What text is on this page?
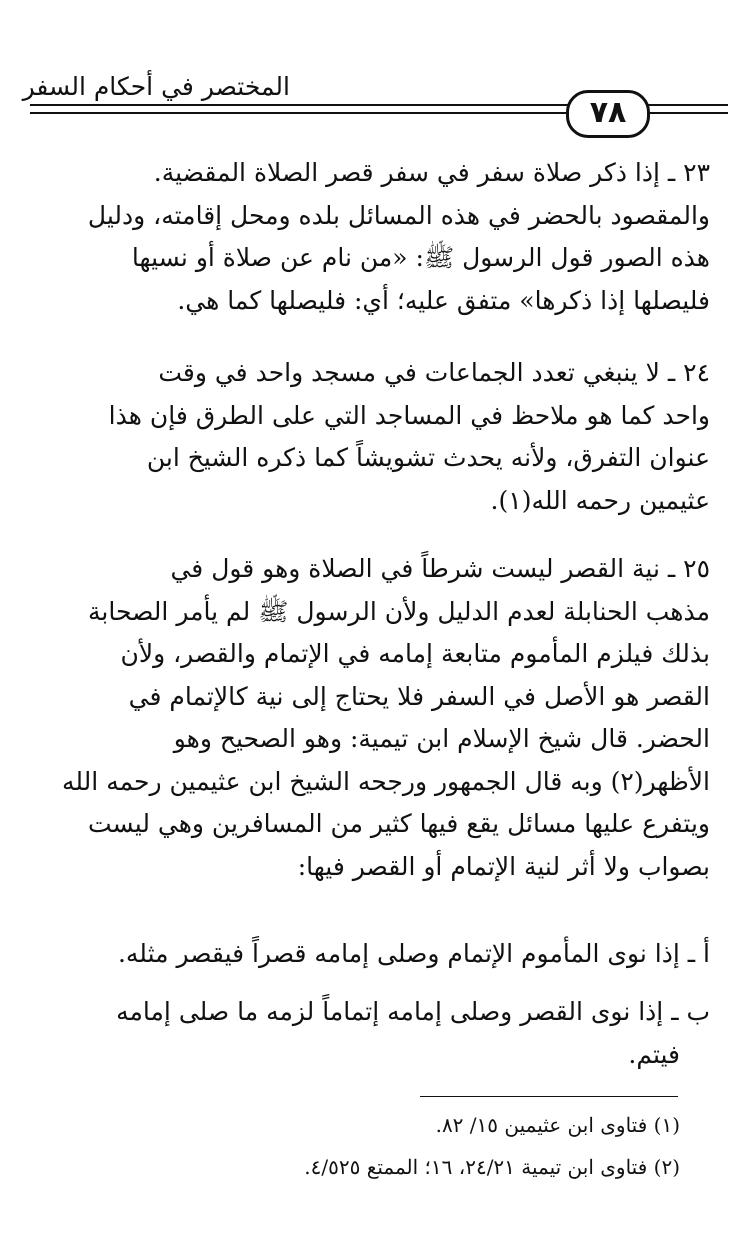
المختصر في أحكام السفر
٧٨
٢٣ ـ إذا ذكر صلاة سفر في سفر قصر الصلاة المقضية.
والمقصود بالحضر في هذه المسائل بلده ومحل إقامته، ودليل
هذه الصور قول الرسول ﷺ: «من نام عن صلاة أو نسيها
فليصلها إذا ذكرها» متفق عليه؛ أي: فليصلها كما هي.
٢٤ ـ لا ينبغي تعدد الجماعات في مسجد واحد في وقت
واحد كما هو ملاحظ في المساجد التي على الطرق فإن هذا
عنوان التفرق، ولأنه يحدث تشويشاً كما ذكره الشيخ ابن
عثيمين رحمه الله(١).
٢٥ ـ نية القصر ليست شرطاً في الصلاة وهو قول في
مذهب الحنابلة لعدم الدليل ولأن الرسول ﷺ لم يأمر الصحابة
بذلك فيلزم المأموم متابعة إمامه في الإتمام والقصر، ولأن
القصر هو الأصل في السفر فلا يحتاج إلى نية كالإتمام في
الحضر. قال شيخ الإسلام ابن تيمية: وهو الصحيح وهو
الأظهر(٢) وبه قال الجمهور ورجحه الشيخ ابن عثيمين رحمه الله
ويتفرع عليها مسائل يقع فيها كثير من المسافرين وهي ليست
بصواب ولا أثر لنية الإتمام أو القصر فيها:
أ ـ إذا نوى المأموم الإتمام وصلى إمامه قصراً فيقصر مثله.
ب ـ إذا نوى القصر وصلى إمامه إتماماً لزمه ما صلى إمامه
فيتم.
(١) فتاوى ابن عثيمين ١٥/ ٨٢.
(٢) فتاوى ابن تيمية ٢٤/٢١، ١٦؛ الممتع ٤/٥٢٥.
